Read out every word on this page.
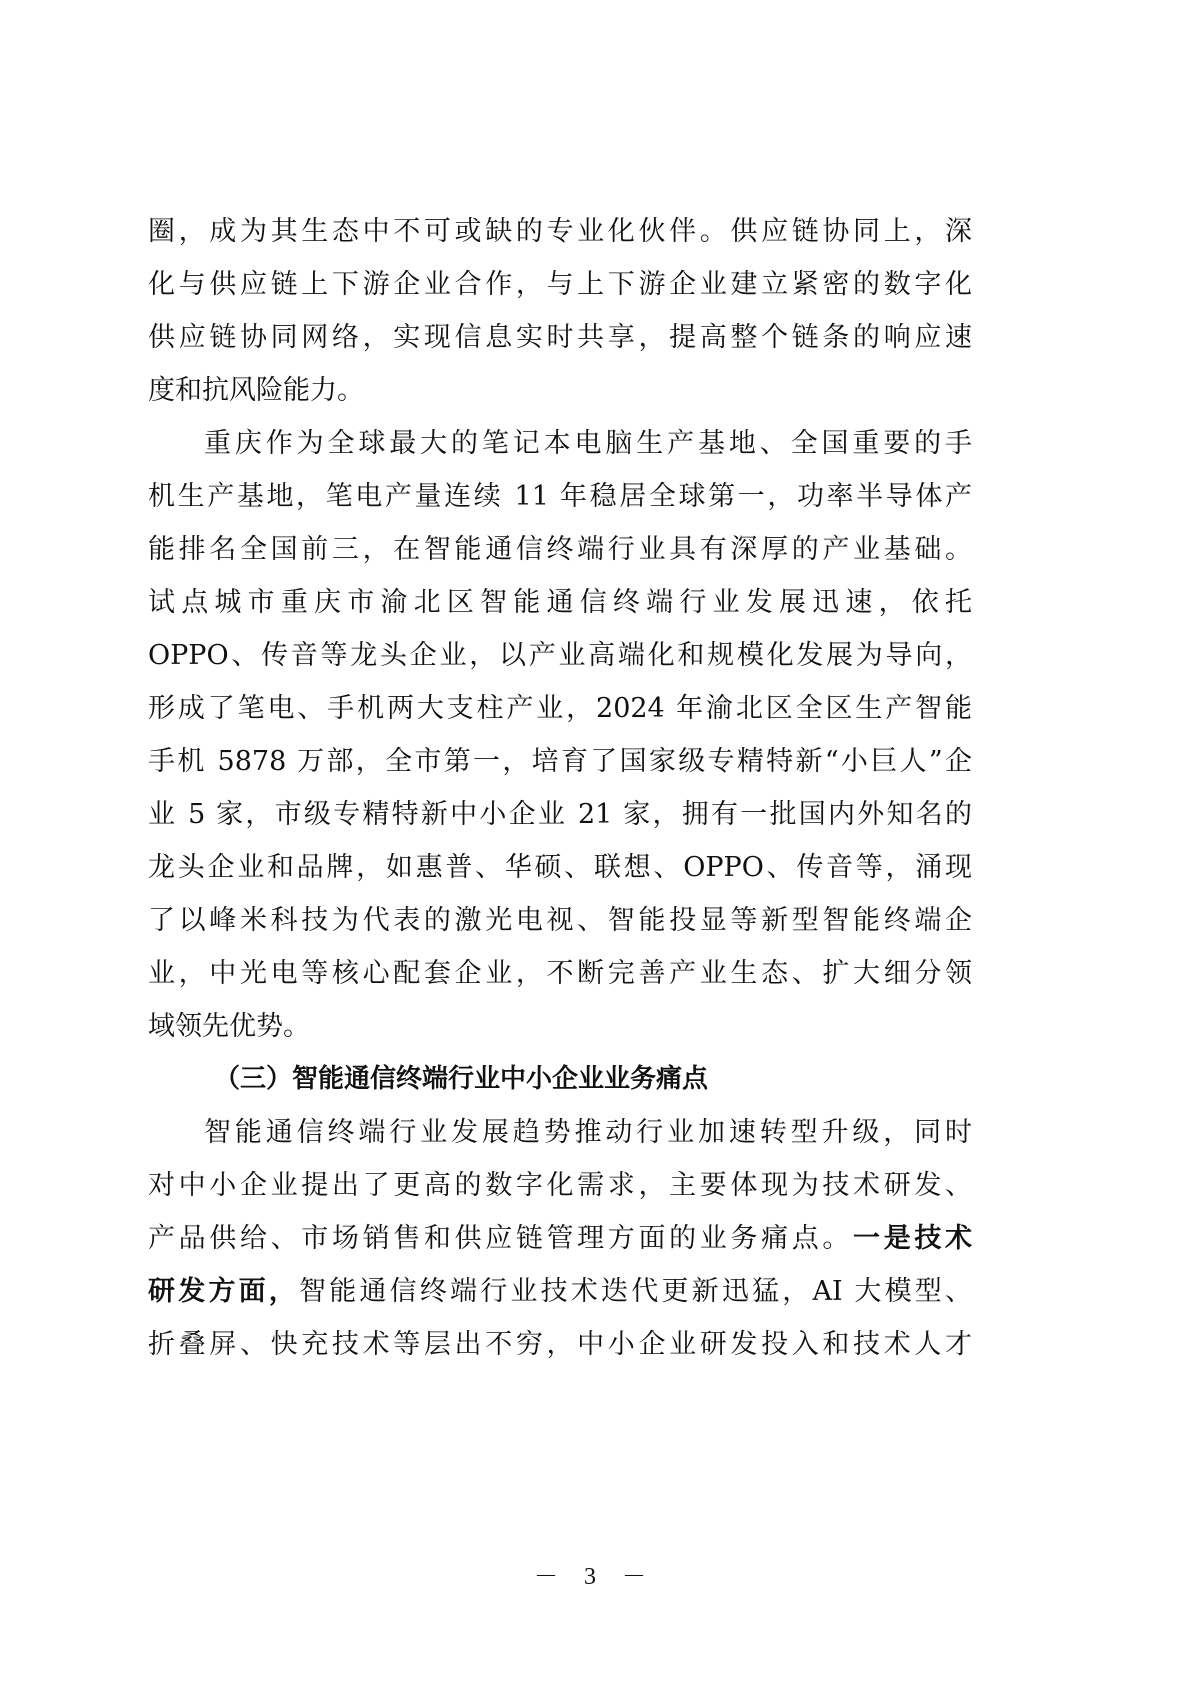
圈，成为其生态中不可或缺的专业化伙伴。供应链协同上，深
化与供应链上下游企业合作，与上下游企业建立紧密的数字化
供应链协同网络，实现信息实时共享，提高整个链条的响应速
度和抗风险能力。
重庆作为全球最大的笔记本电脑生产基地、全国重要的手
机生产基地，笔电产量连续 11 年稳居全球第一，功率半导体产
能排名全国前三，在智能通信终端行业具有深厚的产业基础。
试点城市重庆市渝北区智能通信终端行业发展迅速，依托
OPPO、传音等龙头企业，以产业高端化和规模化发展为导向，
形成了笔电、手机两大支柱产业，2024 年渝北区全区生产智能
手机 5878 万部，全市第一，培育了国家级专精特新“小巨人”企
业 5 家，市级专精特新中小企业 21 家，拥有一批国内外知名的
龙头企业和品牌，如惠普、华硕、联想、OPPO、传音等，涌现
了以峰米科技为代表的激光电视、智能投显等新型智能终端企
业，中光电等核心配套企业，不断完善产业生态、扩大细分领
域领先优势。
（三）智能通信终端行业中小企业业务痛点
智能通信终端行业发展趋势推动行业加速转型升级，同时
对中小企业提出了更高的数字化需求，主要体现为技术研发、
产品供给、市场销售和供应链管理方面的业务痛点。一是技术
研发方面，智能通信终端行业技术迭代更新迅猛，AI 大模型、
折叠屏、快充技术等层出不穷，中小企业研发投入和技术人才
－ 3 －
